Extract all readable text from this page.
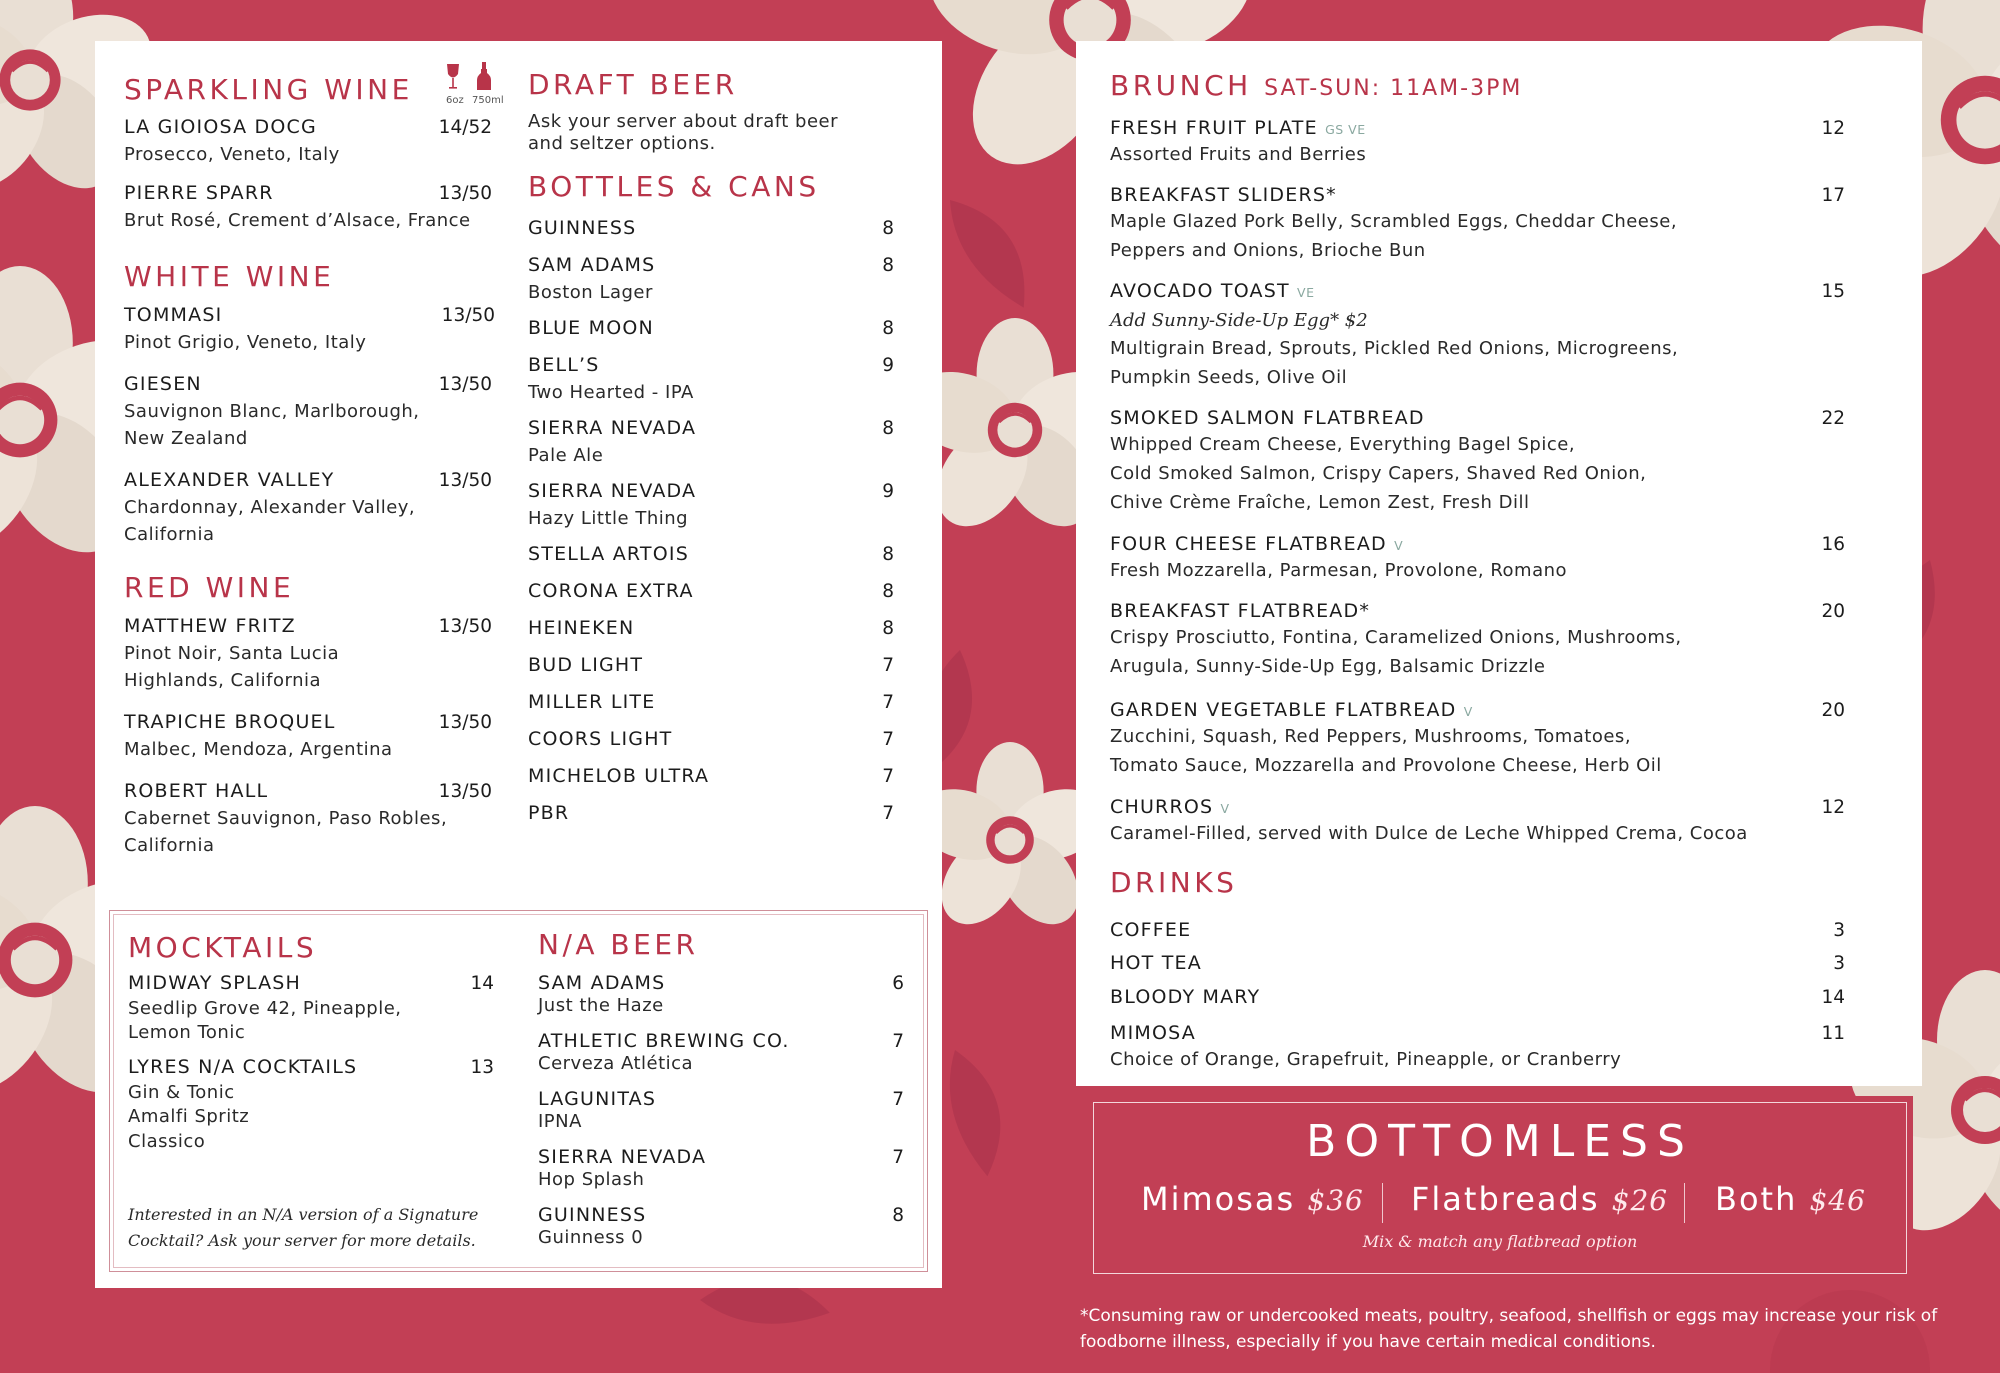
SPARKLING WINE	6oz 750ml
LA GIOIOSA DOCG	14/52
Prosecco, Veneto, Italy
PIERRE SPARR	13/50
Brut Rosé, Crement d’Alsace, France
WHITE WINE
TOMMASI	13/50
Pinot Grigio, Veneto, Italy
GIESEN	13/50
Sauvignon Blanc, Marlborough,
New Zealand
ALEXANDER VALLEY	13/50
Chardonnay, Alexander Valley,
California
RED WINE
MATTHEW FRITZ	13/50
Pinot Noir, Santa Lucia
Highlands, California
TRAPICHE BROQUEL	13/50
Malbec, Mendoza, Argentina
ROBERT HALL	13/50
Cabernet Sauvignon, Paso Robles,
California
DRAFT BEER
Ask your server about draft beer
and seltzer options.
BOTTLES & CANS
GUINNESS	8
SAM ADAMS	8
Boston Lager
BLUE MOON	8
BELL’S	9
Two Hearted - IPA
SIERRA NEVADA	8
Pale Ale
SIERRA NEVADA	9
Hazy Little Thing
STELLA ARTOIS	8
CORONA EXTRA	8
HEINEKEN	8
BUD LIGHT	7
MILLER LITE	7
COORS LIGHT	7
MICHELOB ULTRA	7
PBR	7
MOCKTAILS
MIDWAY SPLASH	14
Seedlip Grove 42, Pineapple,
Lemon Tonic
LYRES N/A COCKTAILS	13
Gin & Tonic
Amalfi Spritz
Classico
Interested in an N/A version of a Signature
Cocktail? Ask your server for more details.
N/A BEER
SAM ADAMS	6
Just the Haze
ATHLETIC BREWING CO.	7
Cerveza Atlética
LAGUNITAS	7
IPNA
SIERRA NEVADA	7
Hop Splash
GUINNESS	8
Guinness 0
BRUNCH SAT-SUN: 11AM-3PM
FRESH FRUIT PLATE GS VE	12
Assorted Fruits and Berries
BREAKFAST SLIDERS*	17
Maple Glazed Pork Belly, Scrambled Eggs, Cheddar Cheese,
Peppers and Onions, Brioche Bun
AVOCADO TOAST VE	15
Add Sunny-Side-Up Egg* $2
Multigrain Bread, Sprouts, Pickled Red Onions, Microgreens,
Pumpkin Seeds, Olive Oil
SMOKED SALMON FLATBREAD	22
Whipped Cream Cheese, Everything Bagel Spice,
Cold Smoked Salmon, Crispy Capers, Shaved Red Onion,
Chive Crème Fraîche, Lemon Zest, Fresh Dill
FOUR CHEESE FLATBREAD V	16
Fresh Mozzarella, Parmesan, Provolone, Romano
BREAKFAST FLATBREAD*	20
Crispy Prosciutto, Fontina, Caramelized Onions, Mushrooms,
Arugula, Sunny-Side-Up Egg, Balsamic Drizzle
GARDEN VEGETABLE FLATBREAD V	20
Zucchini, Squash, Red Peppers, Mushrooms, Tomatoes,
Tomato Sauce, Mozzarella and Provolone Cheese, Herb Oil
CHURROS V	12
Caramel-Filled, served with Dulce de Leche Whipped Crema, Cocoa
DRINKS
COFFEE	3
HOT TEA	3
BLOODY MARY	14
MIMOSA	11
Choice of Orange, Grapefruit, Pineapple, or Cranberry
BOTTOMLESS
Mimosas $36 Flatbreads $26 Both $46
Mix & match any flatbread option
*Consuming raw or undercooked meats, poultry, seafood, shellfish or eggs may increase your risk of
foodborne illness, especially if you have certain medical conditions.
